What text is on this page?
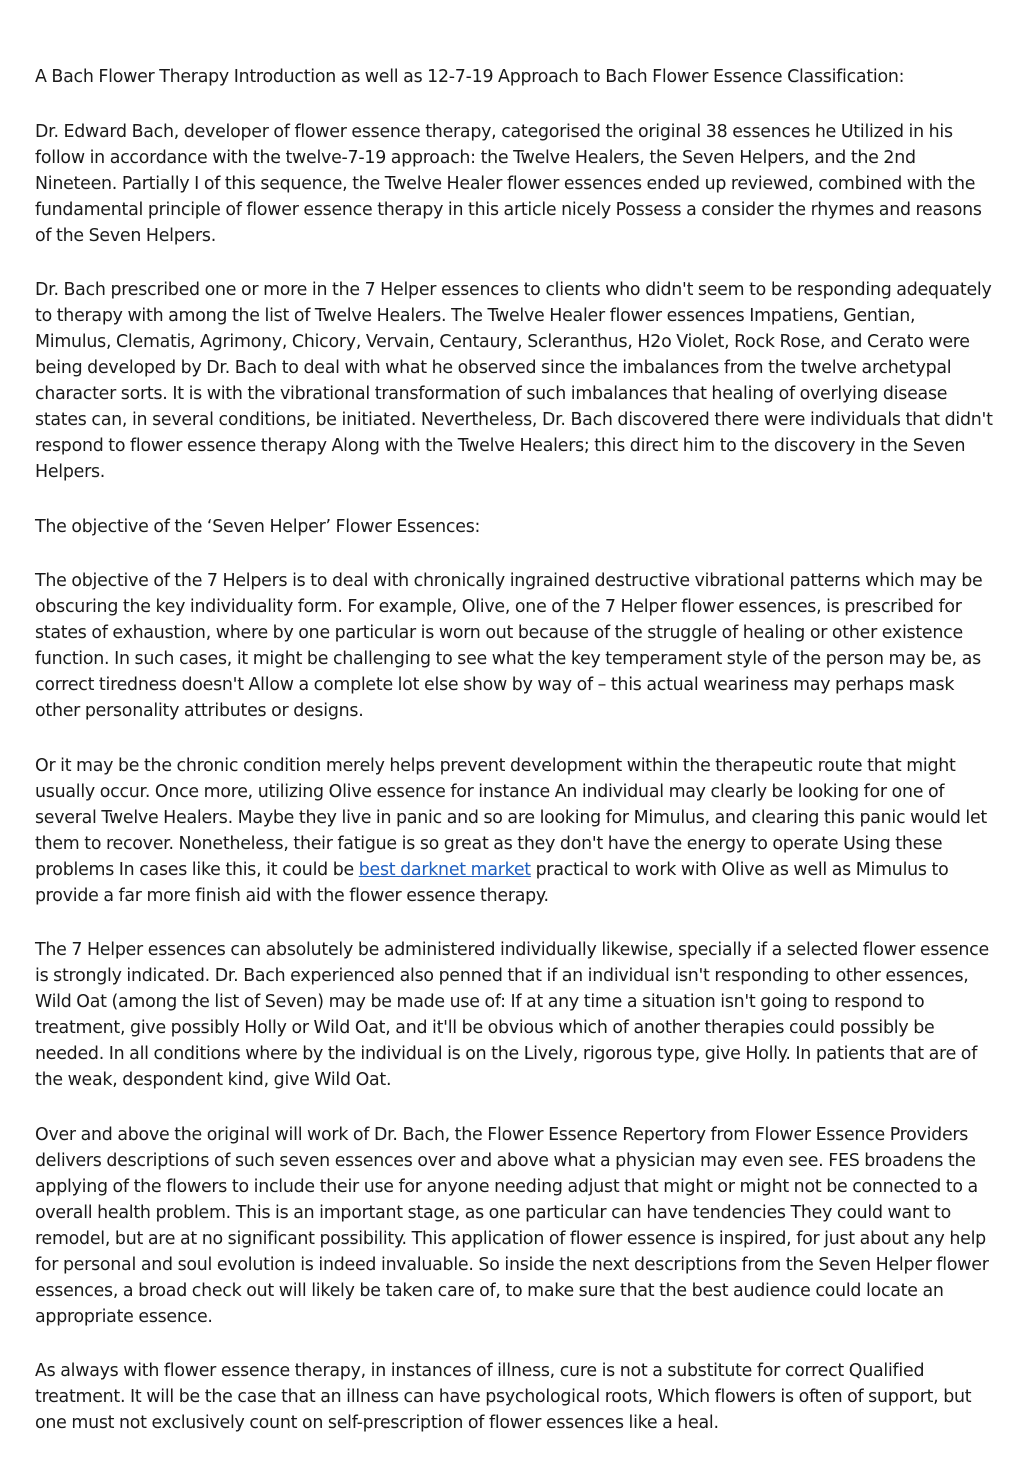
A Bach Flower Therapy Introduction as well as 12-7-19 Approach to Bach Flower Essence Classification:

Dr. Edward Bach, developer of flower essence therapy, categorised the original 38 essences he Utilized in his follow in accordance with the twelve-7-19 approach: the Twelve Healers, the Seven Helpers, and the 2nd Nineteen. Partially I of this sequence, the Twelve Healer flower essences ended up reviewed, combined with the fundamental principle of flower essence therapy in this article nicely Possess a consider the rhymes and reasons of the Seven Helpers.

Dr. Bach prescribed one or more in the 7 Helper essences to clients who didn't seem to be responding adequately to therapy with among the list of Twelve Healers. The Twelve Healer flower essences Impatiens, Gentian, Mimulus, Clematis, Agrimony, Chicory, Vervain, Centaury, Scleranthus, H2o Violet, Rock Rose, and Cerato were being developed by Dr. Bach to deal with what he observed since the imbalances from the twelve archetypal character sorts. It is with the vibrational transformation of such imbalances that healing of overlying disease states can, in several conditions, be initiated. Nevertheless, Dr. Bach discovered there were individuals that didn't respond to flower essence therapy Along with the Twelve Healers; this direct him to the discovery in the Seven Helpers.

The objective of the ‘Seven Helper’ Flower Essences:

The objective of the 7 Helpers is to deal with chronically ingrained destructive vibrational patterns which may be obscuring the key individuality form. For example, Olive, one of the 7 Helper flower essences, is prescribed for states of exhaustion, where by one particular is worn out because of the struggle of healing or other existence function. In such cases, it might be challenging to see what the key temperament style of the person may be, as correct tiredness doesn't Allow a complete lot else show by way of – this actual weariness may perhaps mask other personality attributes or designs.

Or it may be the chronic condition merely helps prevent development within the therapeutic route that might usually occur. Once more, utilizing Olive essence for instance An individual may clearly be looking for one of several Twelve Healers. Maybe they live in panic and so are looking for Mimulus, and clearing this panic would let them to recover. Nonetheless, their fatigue is so great as they don't have the energy to operate Using these problems In cases like this, it could be best darknet market practical to work with Olive as well as Mimulus to provide a far more finish aid with the flower essence therapy.

The 7 Helper essences can absolutely be administered individually likewise, specially if a selected flower essence is strongly indicated. Dr. Bach experienced also penned that if an individual isn't responding to other essences, Wild Oat (among the list of Seven) may be made use of: If at any time a situation isn't going to respond to treatment, give possibly Holly or Wild Oat, and it'll be obvious which of another therapies could possibly be needed. In all conditions where by the individual is on the Lively, rigorous type, give Holly. In patients that are of the weak, despondent kind, give Wild Oat.

Over and above the original will work of Dr. Bach, the Flower Essence Repertory from Flower Essence Providers delivers descriptions of such seven essences over and above what a physician may even see. FES broadens the applying of the flowers to include their use for anyone needing adjust that might or might not be connected to a overall health problem. This is an important stage, as one particular can have tendencies They could want to remodel, but are at no significant possibility. This application of flower essence is inspired, for just about any help for personal and soul evolution is indeed invaluable. So inside the next descriptions from the Seven Helper flower essences, a broad check out will likely be taken care of, to make sure that the best audience could locate an appropriate essence.

As always with flower essence therapy, in instances of illness, cure is not a substitute for correct Qualified treatment. It will be the case that an illness can have psychological roots, Which flowers is often of support, but one must not exclusively count on self-prescription of flower essences like a heal.
